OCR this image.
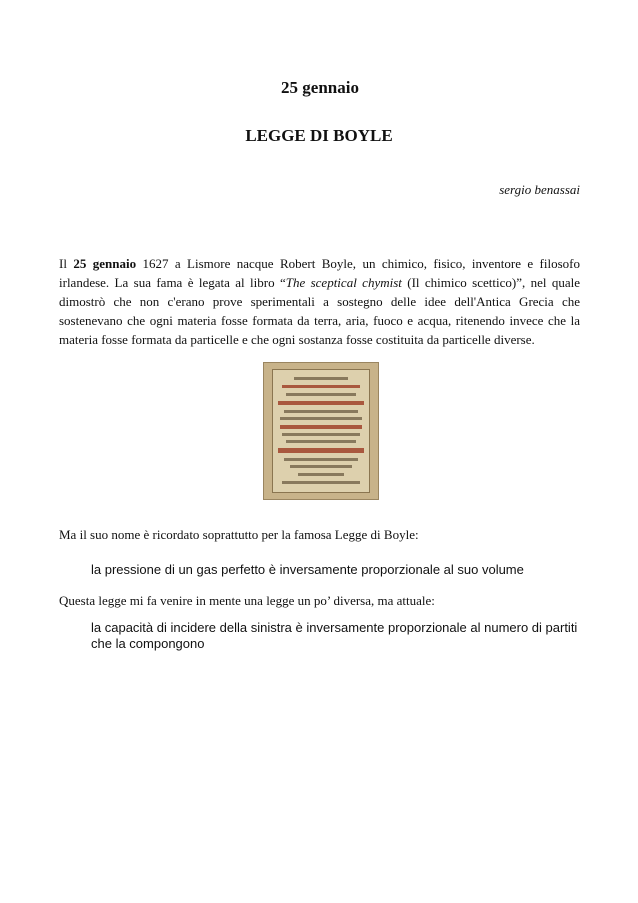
25 gennaio
LEGGE DI BOYLE
sergio benassai
Il 25 gennaio 1627 a Lismore nacque Robert Boyle, un chimico, fisico, inventore e filosofo irlandese. La sua fama è legata al libro “The sceptical chymist (Il chimico scettico)”, nel quale dimostrò che non c'erano prove sperimentali a sostegno delle idee dell'Antica Grecia che sostenevano che ogni materia fosse formata da terra, aria, fuoco e acqua, ritenendo invece che la materia fosse formata da particelle e che ogni sostanza fosse costituita da particelle diverse.
Ma il suo nome è ricordato soprattutto per la famosa Legge di Boyle:
la pressione di un gas perfetto è inversamente proporzionale al suo volume
Questa legge mi fa venire in mente una legge un po’ diversa, ma attuale:
la capacità di incidere della sinistra è inversamente proporzionale al numero di partiti che la compongono
